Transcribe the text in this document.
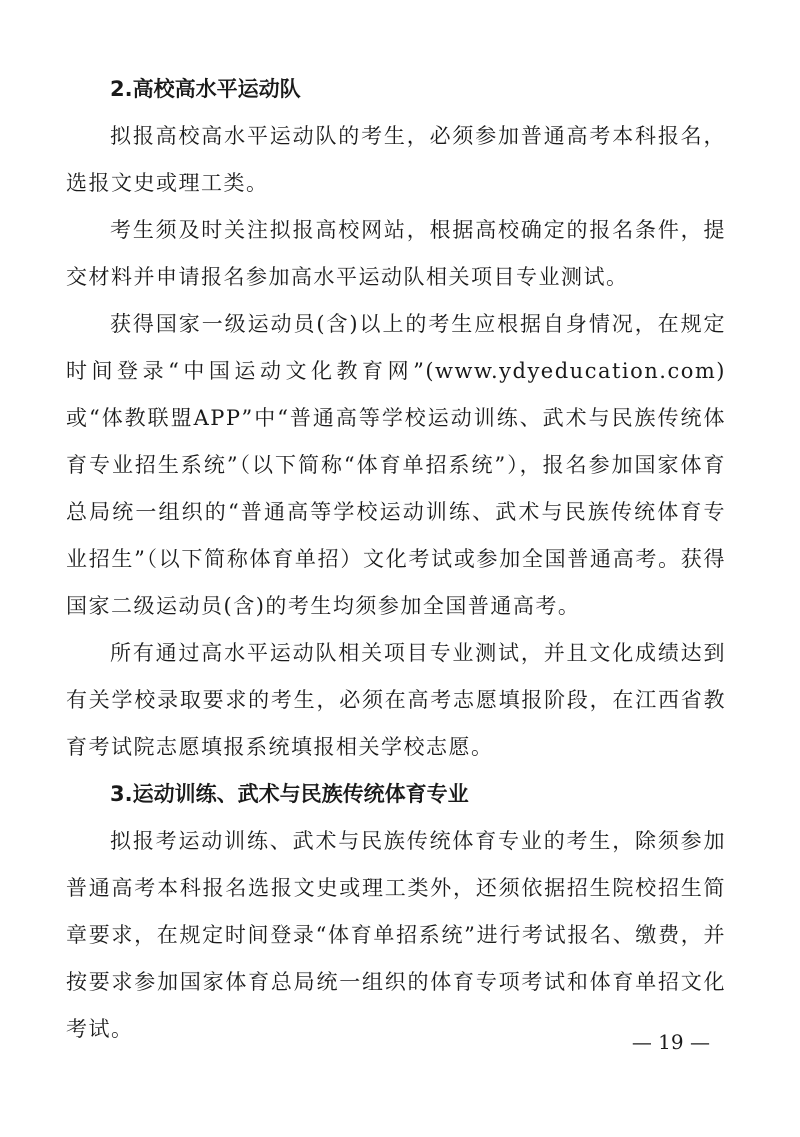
2.高校高水平运动队

拟报高校高水平运动队的考生，必须参加普通高考本科报名，选报文史或理工类。

考生须及时关注拟报高校网站，根据高校确定的报名条件，提交材料并申请报名参加高水平运动队相关项目专业测试。

获得国家一级运动员(含)以上的考生应根据自身情况，在规定时间登录“中国运动文化教育网”(www.ydyeducation.com)或“体教联盟APP”中“普通高等学校运动训练、武术与民族传统体育专业招生系统”（以下简称“体育单招系统”），报名参加国家体育总局统一组织的“普通高等学校运动训练、武术与民族传统体育专业招生”（以下简称体育单招）文化考试或参加全国普通高考。获得国家二级运动员(含)的考生均须参加全国普通高考。

所有通过高水平运动队相关项目专业测试，并且文化成绩达到有关学校录取要求的考生，必须在高考志愿填报阶段，在江西省教育考试院志愿填报系统填报相关学校志愿。

3.运动训练、武术与民族传统体育专业

拟报考运动训练、武术与民族传统体育专业的考生，除须参加普通高考本科报名选报文史或理工类外，还须依据招生院校招生简章要求，在规定时间登录“体育单招系统”进行考试报名、缴费，并按要求参加国家体育总局统一组织的体育专项考试和体育单招文化考试。

— 19 —
